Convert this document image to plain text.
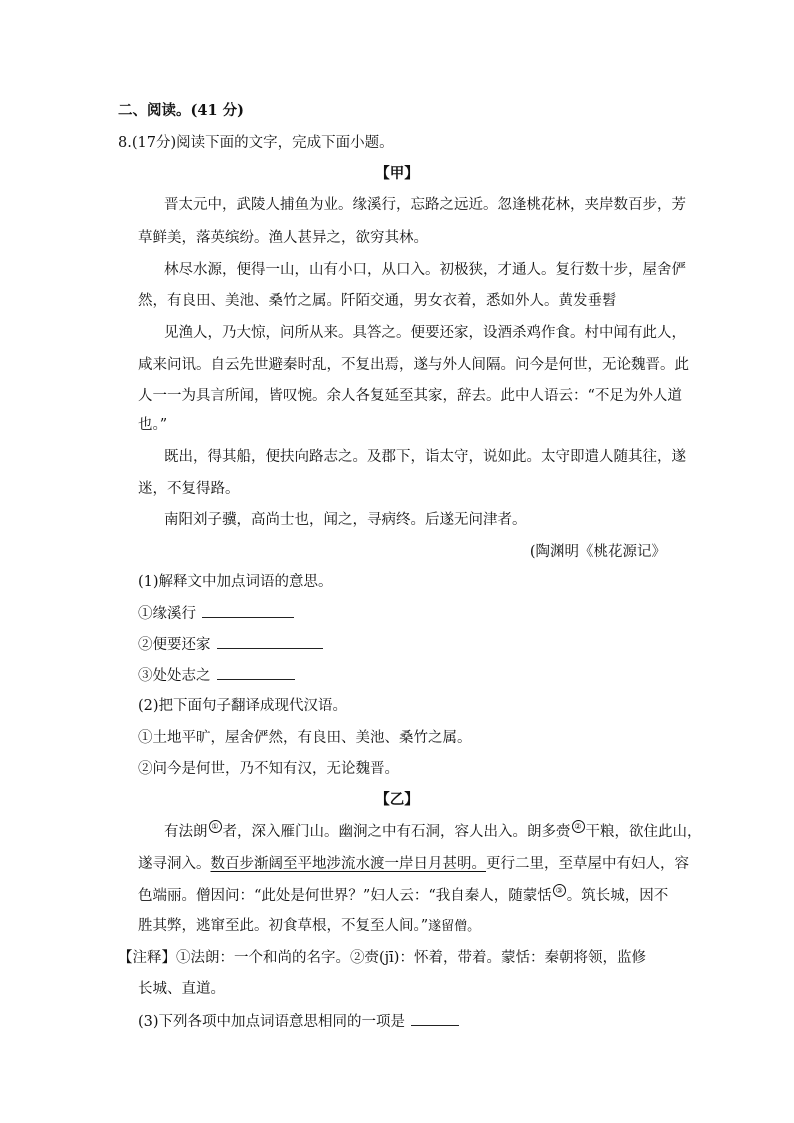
二、阅读。(41 分)
8.(17分)阅读下面的文字，完成下面小题。
【甲】
晋太元中，武陵人捕鱼为业。缘溪行，忘路之远近。忽逢桃花林，夹岸数百步，芳
草鲜美，落英缤纷。渔人甚异之，欲穷其林。
林尽水源，便得一山，山有小口，从口入。初极狭，才通人。复行数十步，屋舍俨
然，有良田、美池、桑竹之属。阡陌交通，男女衣着，悉如外人。黄发垂髫
见渔人，乃大惊，问所从来。具答之。便要还家，设酒杀鸡作食。村中闻有此人，
咸来问讯。自云先世避秦时乱，不复出焉，遂与外人间隔。问今是何世，无论魏晋。此
人一一为具言所闻，皆叹惋。余人各复延至其家，辞去。此中人语云：“不足为外人道
也。”
既出，得其船，便扶向路志之。及郡下，诣太守，说如此。太守即遣人随其往，遂
迷，不复得路。
南阳刘子骥，高尚士也，闻之，寻病终。后遂无问津者。
(陶渊明《桃花源记》
(1)解释文中加点词语的意思。
①缘溪行
②便要还家
③处处志之
(2)把下面句子翻译成现代汉语。
①土地平旷，屋舍俨然，有良田、美池、桑竹之属。
②问今是何世，乃不知有汉，无论魏晋。
【乙】
有法朗 ① 者，深入雁门山。幽涧之中有石洞，容人出入。朗多赍 ② 干粮，欲住此山，
遂寻洞入。数百步渐阔至平地涉流水渡一岸日月甚明。更行二里，至草屋中有妇人，容
色端丽。僧因问：“此处是何世界？”妇人云：“我自秦人，随蒙恬 ③ 。筑长城，因不
胜其弊，逃窜至此。初食草根，不复至人间。”遂留僧。
【注释】①法朗：一个和尚的名字。②赍(jī)：怀着，带着。蒙恬：秦朝将领，监修
长城、直道。
(3)下列各项中加点词语意思相同的一项是
